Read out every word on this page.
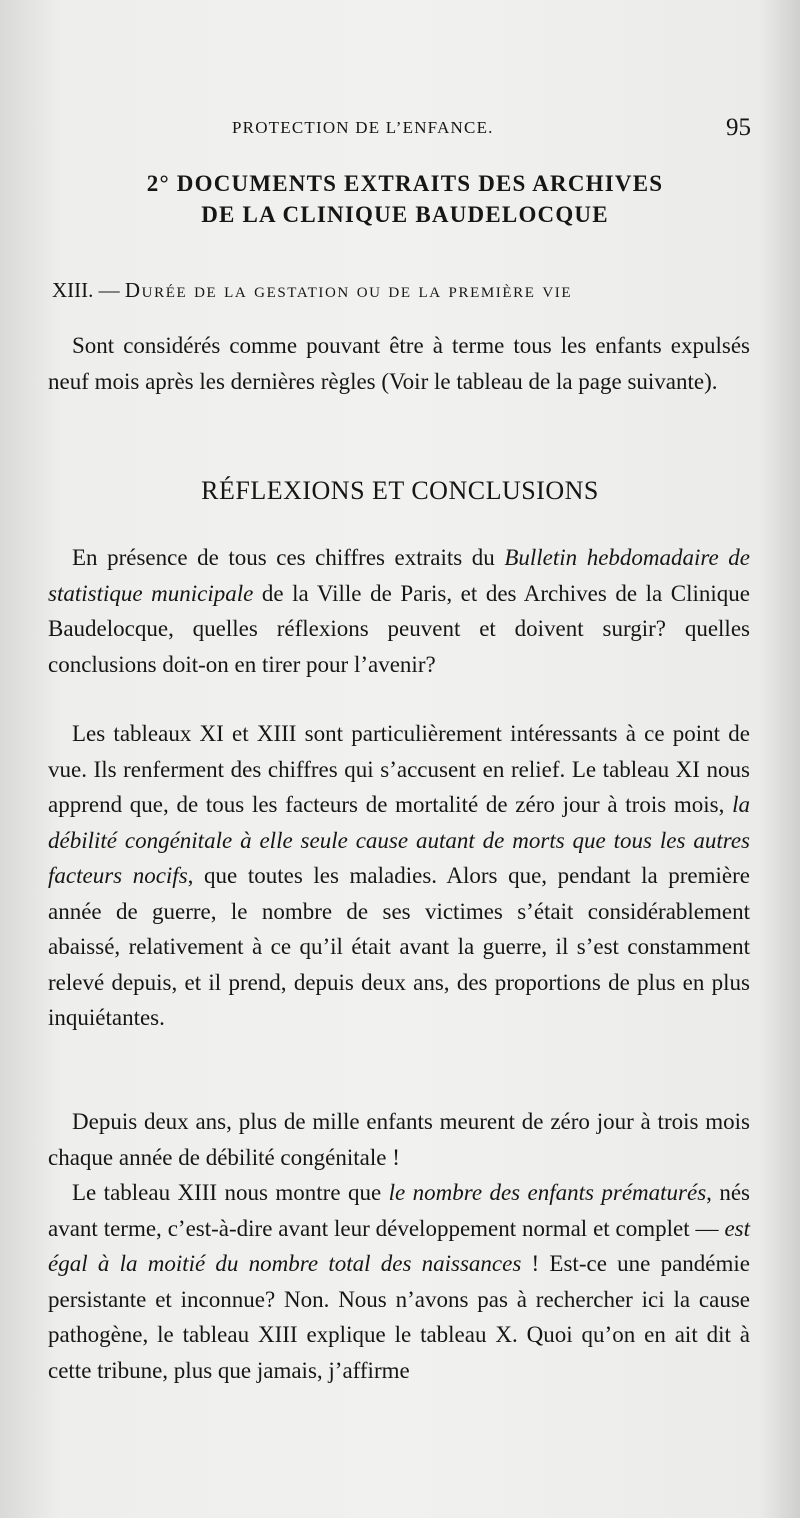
PROTECTION DE L’ENFANCE.	95
2° DOCUMENTS EXTRAITS DES ARCHIVES
DE LA CLINIQUE BAUDELOCQUE
XIII. — Durée de la gestation ou de la première vie

Sont considérés comme pouvant être à terme tous les enfants expulsés neuf mois après les dernières règles (Voir le tableau de la page suivante).

RÉFLEXIONS ET CONCLUSIONS

En présence de tous ces chiffres extraits du Bulletin hebdomadaire de statistique municipale de la Ville de Paris, et des Archives de la Clinique Baudelocque, quelles réflexions peuvent et doivent surgir? quelles conclusions doit-on en tirer pour l’avenir?

Les tableaux XI et XIII sont particulièrement intéressants à ce point de vue. Ils renferment des chiffres qui s’accusent en relief. Le tableau XI nous apprend que, de tous les facteurs de mortalité de zéro jour à trois mois, la débilité congénitale à elle seule cause autant de morts que tous les autres facteurs nocifs, que toutes les maladies. Alors que, pendant la première année de guerre, le nombre de ses victimes s’était considérablement abaissé, relativement à ce qu’il était avant la guerre, il s’est constamment relevé depuis, et il prend, depuis deux ans, des proportions de plus en plus inquiétantes.

Depuis deux ans, plus de mille enfants meurent de zéro jour à trois mois chaque année de débilité congénitale !

Le tableau XIII nous montre que le nombre des enfants prématurés, nés avant terme, c’est-à-dire avant leur développement normal et complet — est égal à la moitié du nombre total des naissances ! Est-ce une pandémie persistante et inconnue? Non. Nous n’avons pas à rechercher ici la cause pathogène, le tableau XIII explique le tableau X. Quoi qu’on en ait dit à cette tribune, plus que jamais, j’affirme
